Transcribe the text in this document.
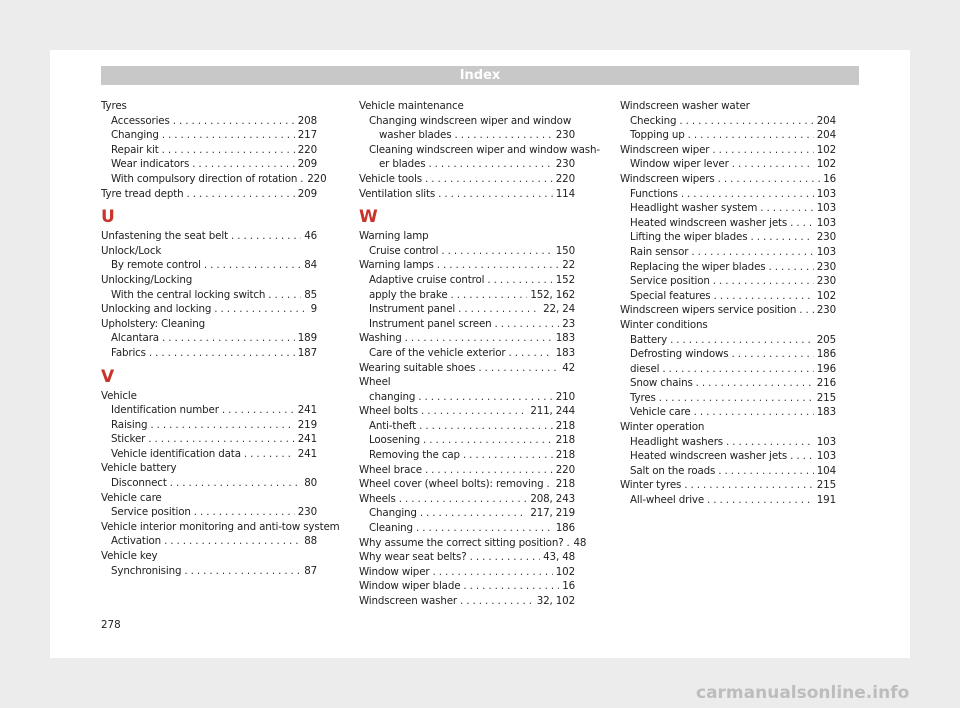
Index
Tyres
Accessories . . .	208
Changing . . .	217
Repair kit . . .	220
Wear indicators . . .	209
With compulsory direction of rotation . . . 220
Tyre tread depth . . .	209
U
Unfastening the seat belt . . .	46
Unlock/Lock
By remote control . . .	84
Unlocking/Locking
With the central locking switch . . .	85
Unlocking and locking . . .	9
Upholstery: Cleaning
Alcantara . . .	189
Fabrics . . .	187
V
Vehicle
Identification number . . .	241
Raising . . .	219
Sticker . . .	241
Vehicle identification data . . .	241
Vehicle battery
Disconnect . . .	80
Vehicle care
Service position . . .	230
Vehicle interior monitoring and anti-tow system
Activation . . .	88
Vehicle key
Synchronising . . .	87
Vehicle maintenance
Changing windscreen wiper and window
washer blades . . .	230
Cleaning windscreen wiper and window wash-
er blades . . .	230
Vehicle tools . . .	220
Ventilation slits . . .	114
W
Warning lamp
Cruise control . . .	150
Warning lamps . . .	22
Adaptive cruise control . . .	152
apply the brake . . .	152, 162
Instrument panel . . .	22, 24
Instrument panel screen . . .	23
Washing . . .	183
Care of the vehicle exterior . . .	183
Wearing suitable shoes . . .	42
Wheel
changing . . .	210
Wheel bolts . . .	211, 244
Anti-theft . . .	218
Loosening . . .	218
Removing the cap . . .	218
Wheel brace . . .	220
Wheel cover (wheel bolts): removing . . . 218
Wheels . . .	208, 243
Changing . . .	217, 219
Cleaning . . .	186
Why assume the correct sitting position? . . . 48
Why wear seat belts? . . .	43, 48
Window wiper . . .	102
Window wiper blade . . .	16
Windscreen washer . . .	32, 102
Windscreen washer water
Checking . . .	204
Topping up . . .	204
Windscreen wiper . . .	102
Window wiper lever . . .	102
Windscreen wipers . . .	16
Functions . . .	103
Headlight washer system . . .	103
Heated windscreen washer jets . . .	103
Lifting the wiper blades . . .	230
Rain sensor . . .	103
Replacing the wiper blades . . .	230
Service position . . .	230
Special features . . .	102
Windscreen wipers service position . . . 230
Winter conditions
Battery . . .	205
Defrosting windows . . .	186
diesel . . .	196
Snow chains . . .	216
Tyres . . .	215
Vehicle care . . .	183
Winter operation
Headlight washers . . .	103
Heated windscreen washer jets . . .	103
Salt on the roads . . .	104
Winter tyres . . .	215
All-wheel drive . . .	191
278
carmanualsonline.info
